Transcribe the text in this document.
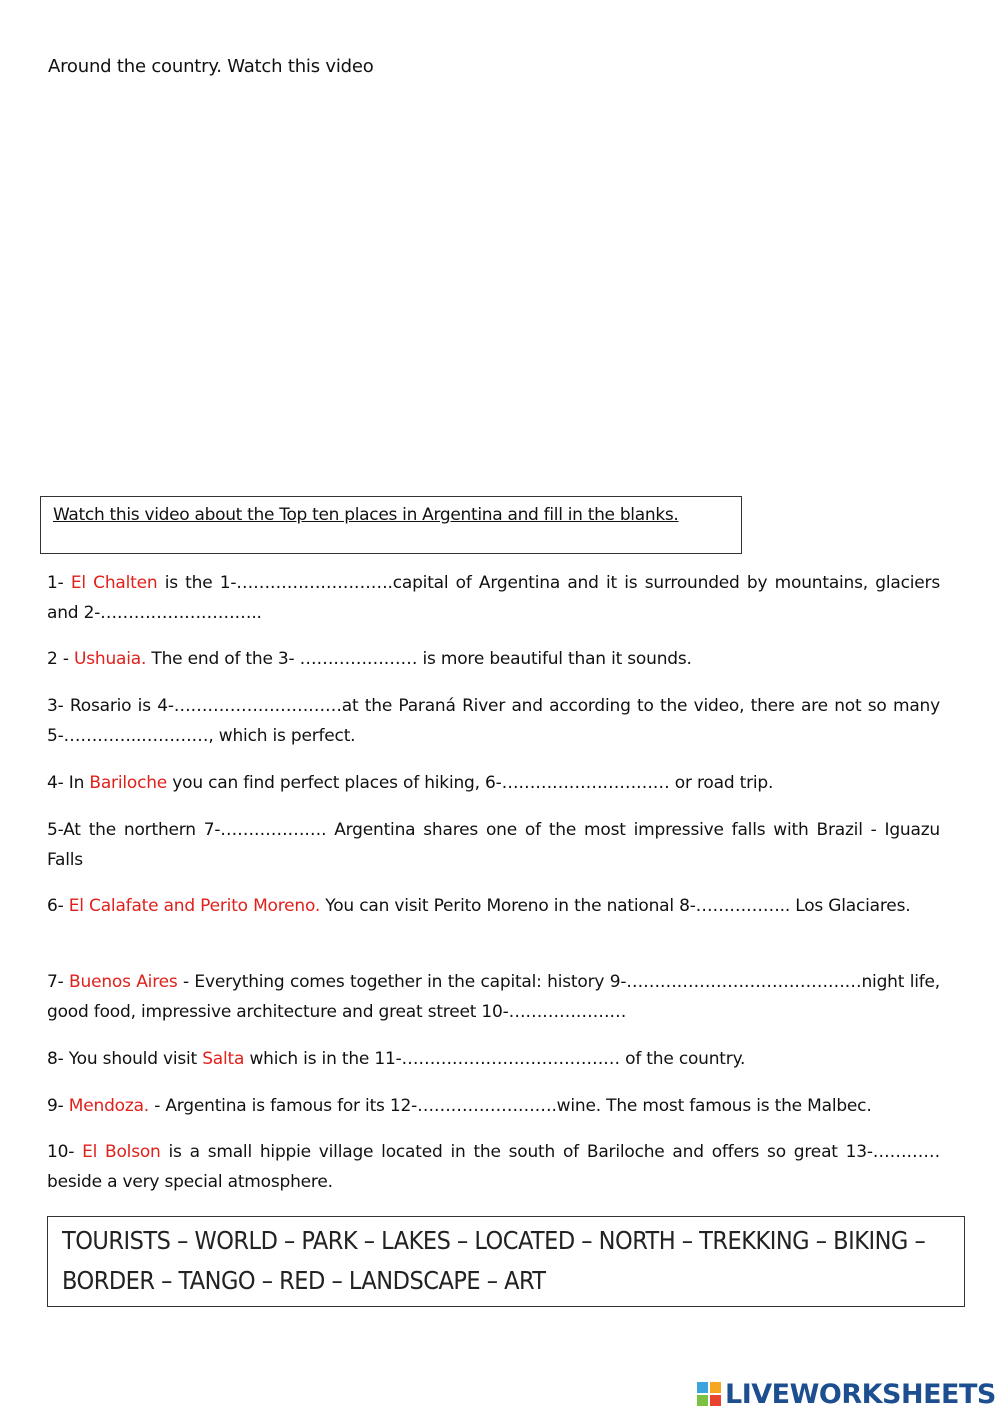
Around the country. Watch this video
Watch this video about the Top ten places in Argentina and fill in the blanks.
1- El Chalten is the 1-……………………….capital of Argentina and it is surrounded by mountains, glaciers and 2-………………………..
2 - Ushuaia. The end of the 3- ………………… is more beautiful than it sounds.
3- Rosario is 4-…………………………at the Paraná River and according to the video, there are not so many 5-…………..…………, which is perfect.
4- In Bariloche you can find perfect places of hiking, 6-………………………… or road trip.
5-At the northern 7-………………. Argentina shares one of the most impressive falls with Brazil - Iguazu Falls
6- El Calafate and Perito Moreno. You can visit Perito Moreno in the national 8-…………….. Los Glaciares.
7- Buenos Aires - Everything comes together in the capital: history 9-……………………………………night life, good food, impressive architecture and great street 10-…………………
8- You should visit Salta which is in the 11-………………………………… of the country.
9- Mendoza. - Argentina is famous for its 12-…………………….wine. The most famous is the Malbec.
10- El Bolson is a small hippie village located in the south of Bariloche and offers so great 13-………… beside a very special atmosphere.
TOURISTS – WORLD – PARK – LAKES – LOCATED – NORTH – TREKKING – BIKING – BORDER – TANGO – RED – LANDSCAPE – ART
LIVEWORKSHEETS
